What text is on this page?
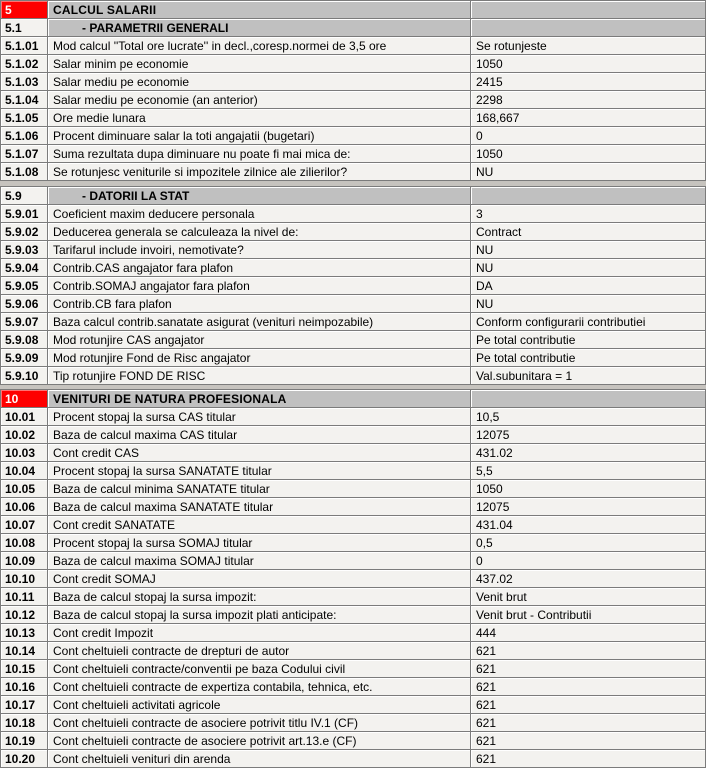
5	CALCUL SALARII
5.1	- PARAMETRII GENERALI
5.1.01	Mod calcul ''Total ore lucrate'' in decl.,coresp.normei de 3,5 ore	Se rotunjeste
5.1.02	Salar minim pe economie	1050
5.1.03	Salar mediu pe economie	2415
5.1.04	Salar mediu pe economie (an anterior)	2298
5.1.05	Ore medie lunara	168,667
5.1.06	Procent diminuare salar la toti angajatii (bugetari)	0
5.1.07	Suma rezultata dupa diminuare nu poate fi mai mica de:	1050
5.1.08	Se rotunjesc veniturile si impozitele zilnice ale zilierilor?	NU
5.9	- DATORII LA STAT
5.9.01	Coeficient maxim deducere personala	3
5.9.02	Deducerea generala se calculeaza la nivel de:	Contract
5.9.03	Tarifarul include invoiri, nemotivate?	NU
5.9.04	Contrib.CAS angajator fara plafon	NU
5.9.05	Contrib.SOMAJ angajator fara plafon	DA
5.9.06	Contrib.CB fara plafon	NU
5.9.07	Baza calcul contrib.sanatate asigurat (venituri neimpozabile)	Conform configurarii contributiei
5.9.08	Mod rotunjire CAS angajator	Pe total contributie
5.9.09	Mod rotunjire Fond de Risc angajator	Pe total contributie
5.9.10	Tip rotunjire FOND DE RISC	Val.subunitara = 1
10	VENITURI DE NATURA PROFESIONALA
10.01	Procent stopaj la sursa CAS titular	10,5
10.02	Baza de calcul maxima CAS titular	12075
10.03	Cont credit CAS	431.02
10.04	Procent stopaj la sursa SANATATE titular	5,5
10.05	Baza de calcul minima SANATATE titular	1050
10.06	Baza de calcul maxima SANATATE titular	12075
10.07	Cont credit SANATATE	431.04
10.08	Procent stopaj la sursa SOMAJ titular	0,5
10.09	Baza de calcul maxima SOMAJ titular	0
10.10	Cont credit SOMAJ	437.02
10.11	Baza de calcul stopaj la sursa impozit:	Venit brut
10.12	Baza de calcul stopaj la sursa impozit plati anticipate:	Venit brut - Contributii
10.13	Cont credit Impozit	444
10.14	Cont cheltuieli contracte de drepturi de autor	621
10.15	Cont cheltuieli contracte/conventii pe baza Codului civil	621
10.16	Cont cheltuieli contracte de expertiza contabila, tehnica, etc.	621
10.17	Cont cheltuieli activitati agricole	621
10.18	Cont cheltuieli contracte de asociere potrivit titlu IV.1 (CF)	621
10.19	Cont cheltuieli contracte de asociere potrivit art.13.e (CF)	621
10.20	Cont cheltuieli venituri din arenda	621
